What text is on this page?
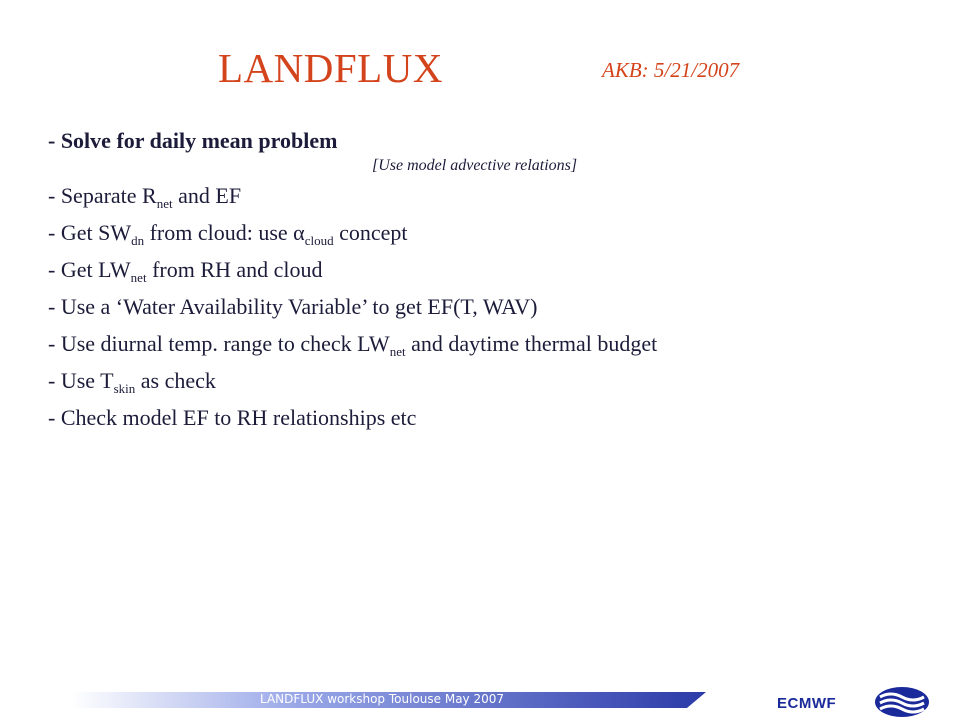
LANDFLUX	AKB: 5/21/2007
- Solve for daily mean problem
[Use model advective relations]
- Separate $R_{net}$ and EF
- Get $SW_{dn}$ from cloud: use $\alpha_{cloud}$ concept
- Get $LW_{net}$ from RH and cloud
- Use a ‘Water Availability Variable’ to get EF(T, WAV)
- Use diurnal temp. range to check $LW_{net}$ and daytime thermal budget
- Use $T_{skin}$ as check
- Check model EF to RH relationships etc
LANDFLUX workshop Toulouse May 2007	ECMWF
